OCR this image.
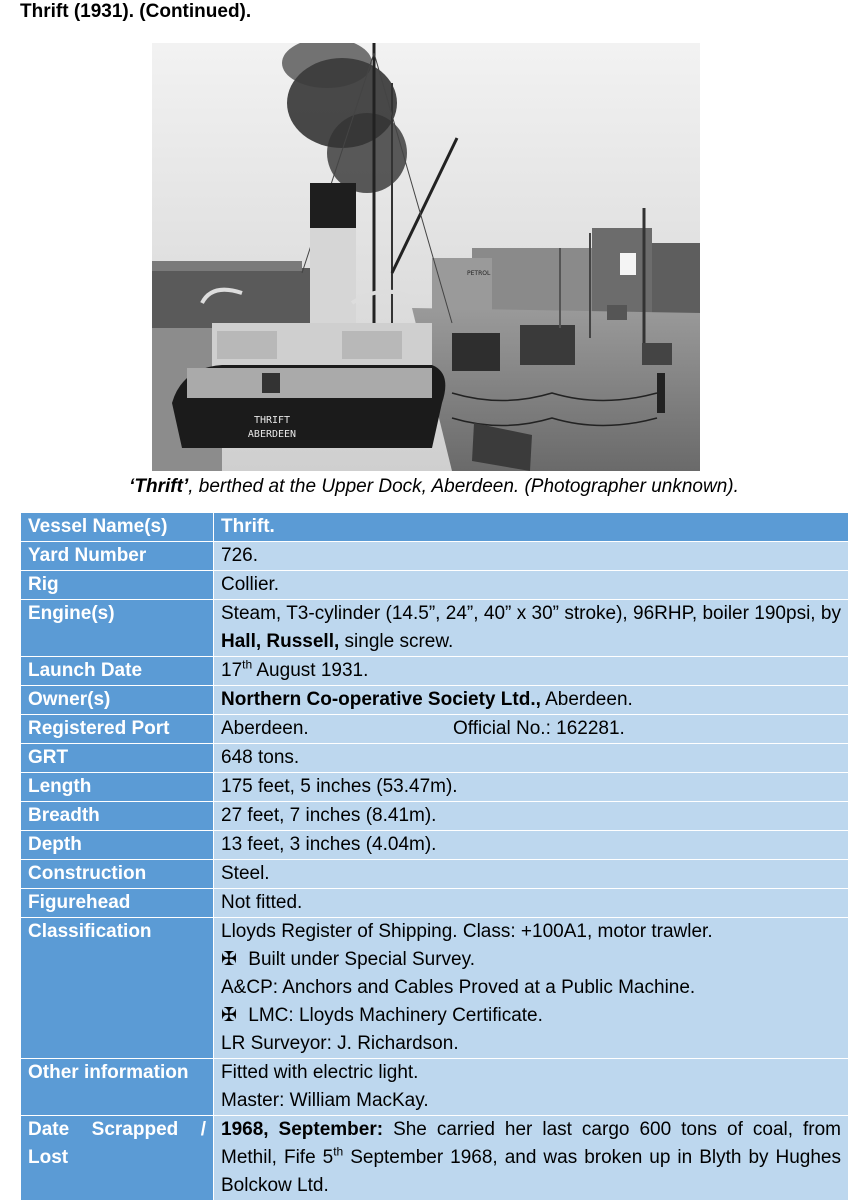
Thrift (1931). (Continued).
THRIFT
ABERDEEN
PETROL
‘Thrift’, berthed at the Upper Dock, Aberdeen. (Photographer unknown).
Vessel Name(s)	Thrift.
Yard Number	726.
Rig	Collier.
Engine(s)	Steam, T3-cylinder (14.5”, 24”, 40” x 30” stroke), 96RHP, boiler 190psi, by Hall, Russell, single screw.
Launch Date	17th August 1931.
Owner(s)	Northern Co-operative Society Ltd., Aberdeen.
Registered Port	Aberdeen. Official No.: 162281.
GRT	648 tons.
Length	175 feet, 5 inches (53.47m).
Breadth	27 feet, 7 inches (8.41m).
Depth	13 feet, 3 inches (4.04m).
Construction	Steel.
Figurehead	Not fitted.
Classification	Lloyds Register of Shipping. Class: +100A1, motor trawler.
✠ Built under Special Survey.
A&CP: Anchors and Cables Proved at a Public Machine.
✠ LMC: Lloyds Machinery Certificate.
LR Surveyor: J. Richardson.

Other information	Fitted with electric light.
Master: William MacKay.

Date Scrapped / Lost	1968, September: She carried her last cargo 600 tons of coal, from Methil, Fife 5th September 1968, and was broken up in Blyth by Hughes Bolckow Ltd.
